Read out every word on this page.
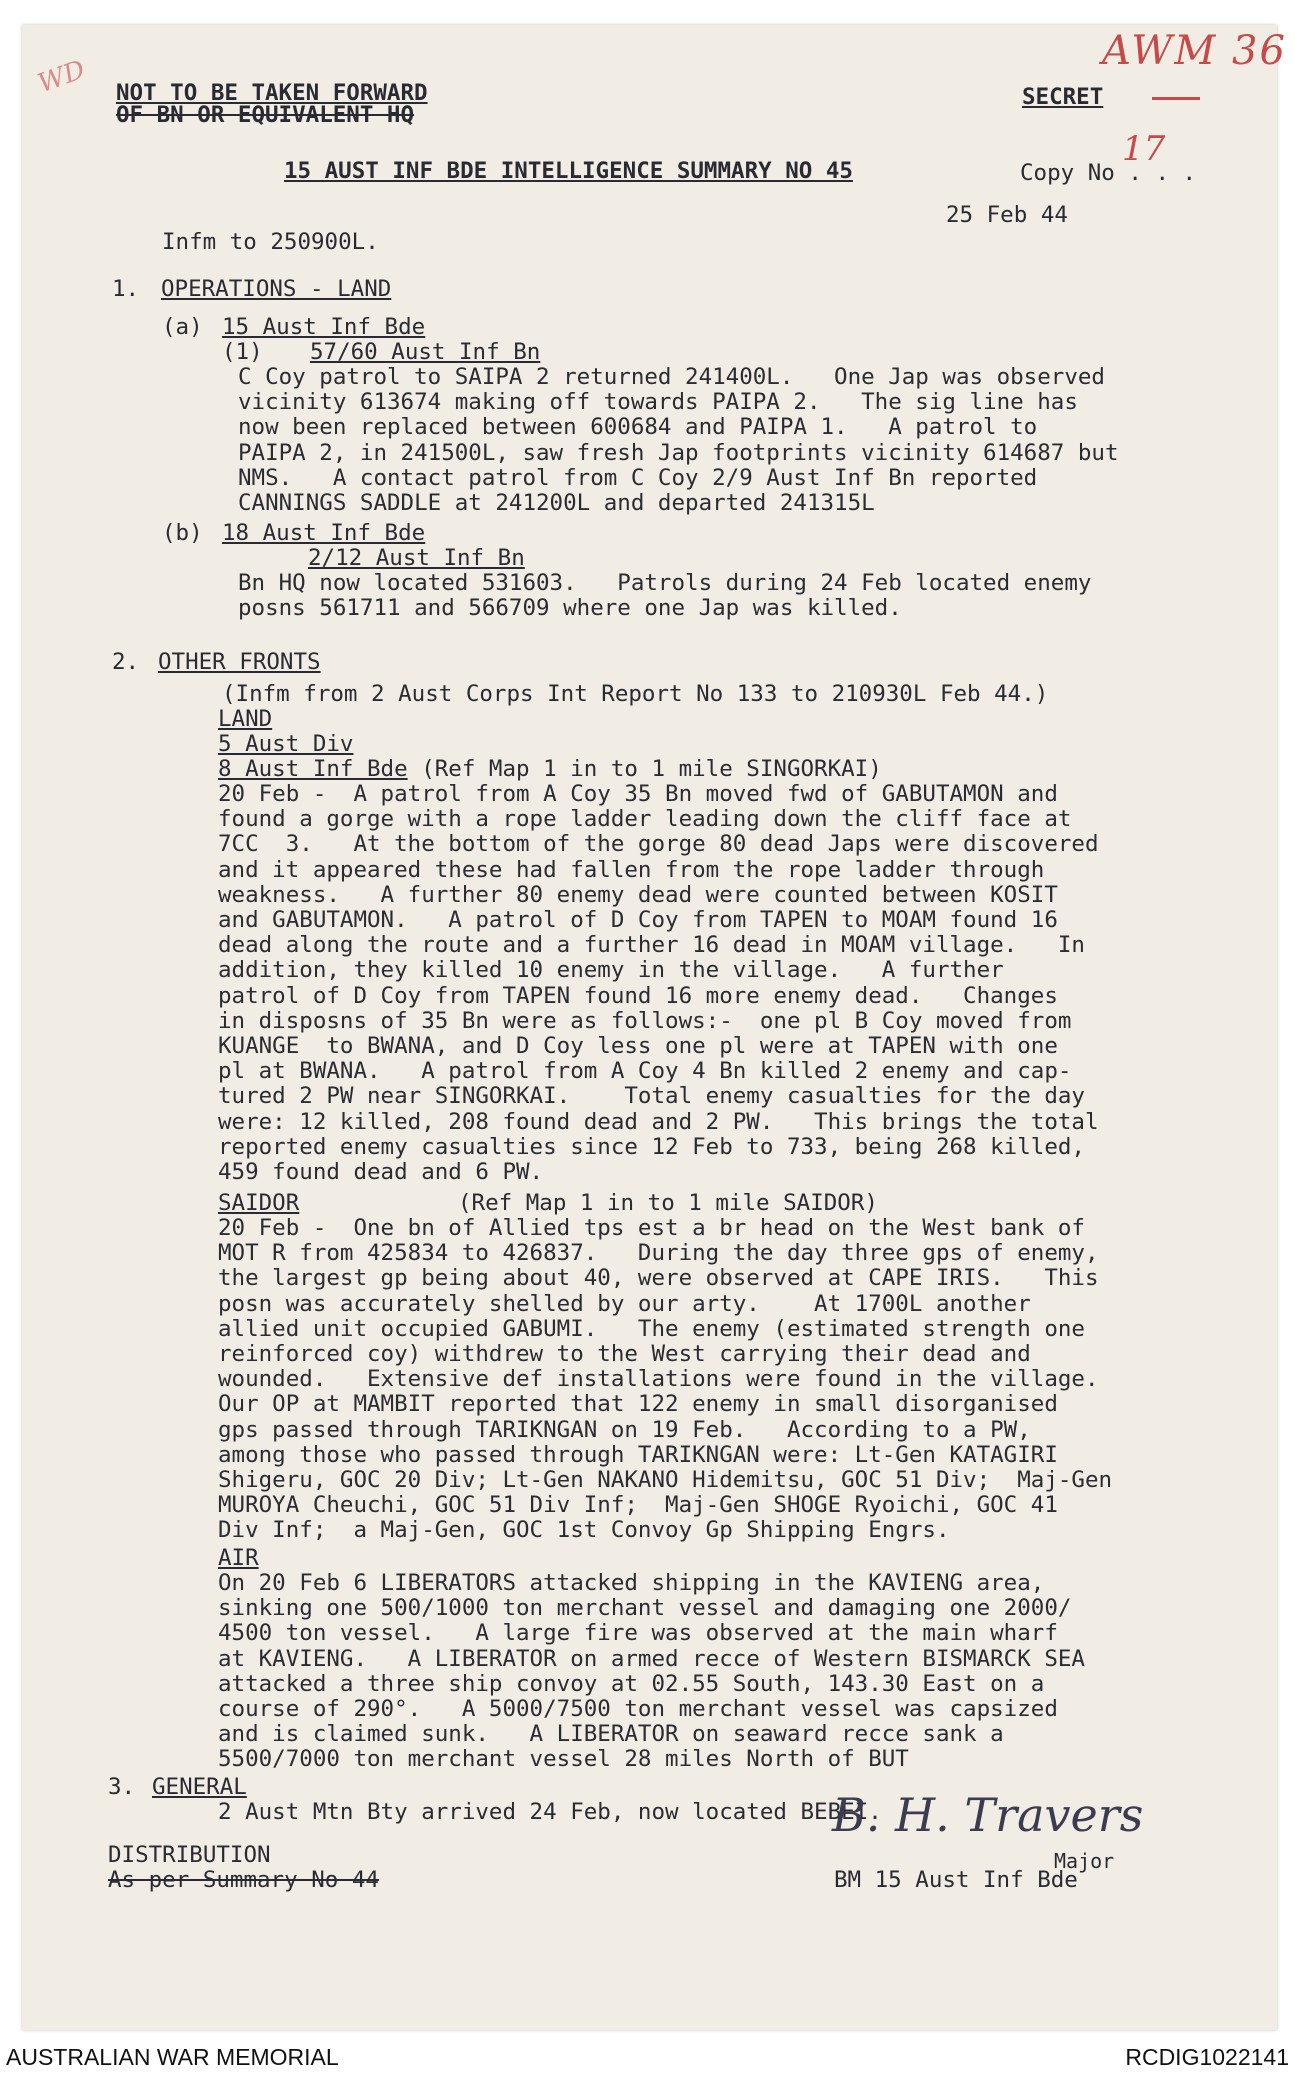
WD
AWM 36
NOT TO BE TAKEN FORWARD
OF BN OR EQUIVALENT HQ
SECRET
15 AUST INF BDE INTELLIGENCE SUMMARY NO 45	Copy No . . .
17
25 Feb 44
Infm to 250900L.
1. OPERATIONS - LAND
(a) 15 Aust Inf Bde
(1) 57/60 Aust Inf Bn
C Coy patrol to SAIPA 2 returned 241400L.   One Jap was observed
vicinity 613674 making off towards PAIPA 2.   The sig line has
now been replaced between 600684 and PAIPA 1.   A patrol to
PAIPA 2, in 241500L, saw fresh Jap footprints vicinity 614687 but
NMS.   A contact patrol from C Coy 2/9 Aust Inf Bn reported
CANNINGS SADDLE at 241200L and departed 241315L
(b) 18 Aust Inf Bde
2/12 Aust Inf Bn
Bn HQ now located 531603.   Patrols during 24 Feb located enemy
posns 561711 and 566709 where one Jap was killed.
2. OTHER FRONTS
(Infm from 2 Aust Corps Int Report No 133 to 210930L Feb 44.)
LAND
5 Aust Div
8 Aust Inf Bde (Ref Map 1 in to 1 mile SINGORKAI)
20 Feb -  A patrol from A Coy 35 Bn moved fwd of GABUTAMON and
found a gorge with a rope ladder leading down the cliff face at
7CC  3.   At the bottom of the gorge 80 dead Japs were discovered
and it appeared these had fallen from the rope ladder through
weakness.   A further 80 enemy dead were counted between KOSIT
and GABUTAMON.   A patrol of D Coy from TAPEN to MOAM found 16
dead along the route and a further 16 dead in MOAM village.   In
addition, they killed 10 enemy in the village.   A further
patrol of D Coy from TAPEN found 16 more enemy dead.   Changes
in disposns of 35 Bn were as follows:-  one pl B Coy moved from
KUANGE  to BWANA, and D Coy less one pl were at TAPEN with one
pl at BWANA.   A patrol from A Coy 4 Bn killed 2 enemy and cap-
tured 2 PW near SINGORKAI.    Total enemy casualties for the day
were: 12 killed, 208 found dead and 2 PW.   This brings the total
reported enemy casualties since 12 Feb to 733, being 268 killed,
459 found dead and 6 PW.
SAIDOR	(Ref Map 1 in to 1 mile SAIDOR)
20 Feb -  One bn of Allied tps est a br head on the West bank of
MOT R from 425834 to 426837.   During the day three gps of enemy,
the largest gp being about 40, were observed at CAPE IRIS.   This
posn was accurately shelled by our arty.    At 1700L another
allied unit occupied GABUMI.   The enemy (estimated strength one
reinforced coy) withdrew to the West carrying their dead and
wounded.   Extensive def installations were found in the village.
Our OP at MAMBIT reported that 122 enemy in small disorganised
gps passed through TARIKNGAN on 19 Feb.   According to a PW,
among those who passed through TARIKNGAN were: Lt-Gen KATAGIRI
Shigeru, GOC 20 Div; Lt-Gen NAKANO Hidemitsu, GOC 51 Div;  Maj-Gen
MUROYA Cheuchi, GOC 51 Div Inf;  Maj-Gen SHOGE Ryoichi, GOC 41
Div Inf;  a Maj-Gen, GOC 1st Convoy Gp Shipping Engrs.
AIR
On 20 Feb 6 LIBERATORS attacked shipping in the KAVIENG area,
sinking one 500/1000 ton merchant vessel and damaging one 2000/
4500 ton vessel.   A large fire was observed at the main wharf
at KAVIENG.   A LIBERATOR on armed recce of Western BISMARCK SEA
attacked a three ship convoy at 02.55 South, 143.30 East on a
course of 290°.   A 5000/7500 ton merchant vessel was capsized
and is claimed sunk.   A LIBERATOR on seaward recce sank a
5500/7000 ton merchant vessel 28 miles North of BUT
3. GENERAL
2 Aust Mtn Bty arrived 24 Feb, now located BEBEI.
DISTRIBUTION
As per Summary No 44
B. H. Travers
Major
BM 15 Aust Inf Bde
AUSTRALIAN WAR MEMORIAL	RCDIG1022141
